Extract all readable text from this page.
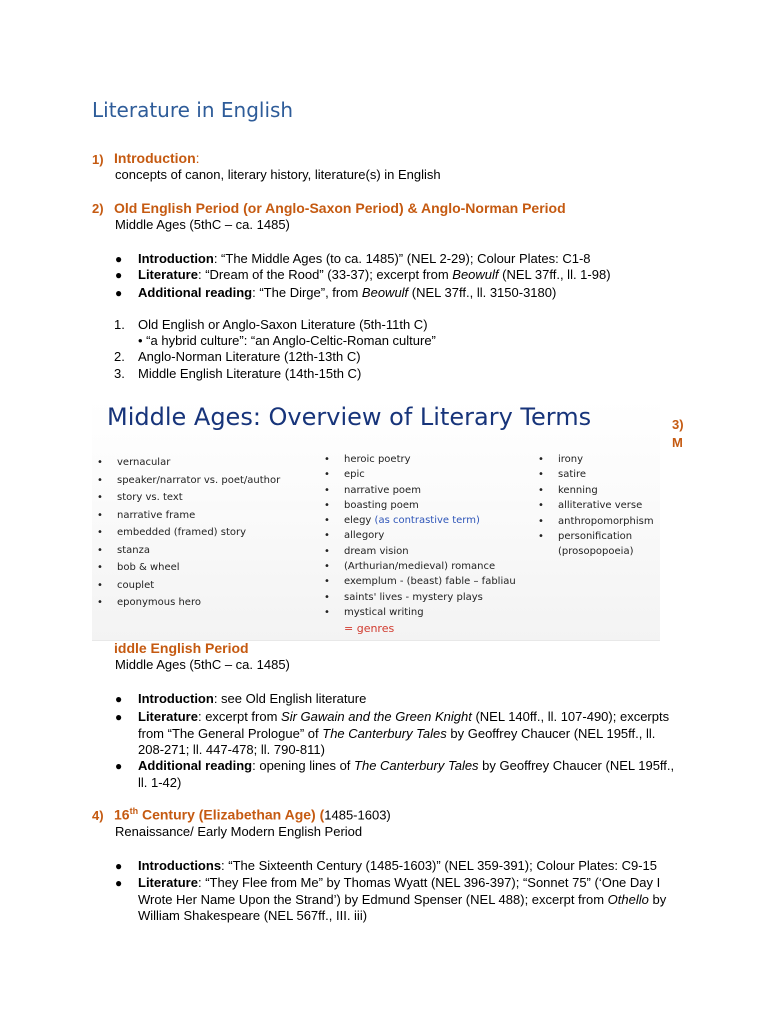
Literature in English
1) Introduction:
concepts of canon, literary history, literature(s) in English
2) Old English Period (or Anglo-Saxon Period) & Anglo-Norman Period
Middle Ages (5thC – ca. 1485)
● Introduction: “The Middle Ages (to ca. 1485)” (NEL 2-29); Colour Plates: C1-8
● Literature: “Dream of the Rood” (33-37); excerpt from Beowulf (NEL 37ff., ll. 1-98)
● Additional reading: “The Dirge”, from Beowulf (NEL 37ff., ll. 3150-3180)
1. Old English or Anglo-Saxon Literature (5th-11th C)
• “a hybrid culture”: “an Anglo-Celtic-Roman culture”
2. Anglo-Norman Literature (12th-13th C)
3. Middle English Literature (14th-15th C)
Middle Ages: Overview of Literary Terms
• vernacular
• speaker/narrator vs. poet/author
• story vs. text
• narrative frame
• embedded (framed) story
• stanza
• bob & wheel
• couplet
• eponymous hero
• heroic poetry
• epic
• narrative poem
• boasting poem
• elegy (as contrastive term)
• allegory
• dream vision
• (Arthurian/medieval) romance
• exemplum - (beast) fable – fabliau
• saints' lives - mystery plays
• mystical writing
= genres
• irony
• satire
• kenning
• alliterative verse
• anthropomorphism
• personification
(prosopopoeia)
3)
M
iddle English Period
Middle Ages (5thC – ca. 1485)
● Introduction: see Old English literature
● Literature: excerpt from Sir Gawain and the Green Knight (NEL 140ff., ll. 107-490); excerpts from “The General Prologue” of The Canterbury Tales by Geoffrey Chaucer (NEL 195ff., ll. 208-271; ll. 447-478; ll. 790-811)
● Additional reading: opening lines of The Canterbury Tales by Geoffrey Chaucer (NEL 195ff., ll. 1-42)
4) 16th Century (Elizabethan Age) (1485-1603)
Renaissance/ Early Modern English Period
● Introductions: “The Sixteenth Century (1485-1603)” (NEL 359-391); Colour Plates: C9-15
● Literature: “They Flee from Me” by Thomas Wyatt (NEL 396-397); “Sonnet 75” (‘One Day I Wrote Her Name Upon the Strand’) by Edmund Spenser (NEL 488); excerpt from Othello by William Shakespeare (NEL 567ff., III. iii)
